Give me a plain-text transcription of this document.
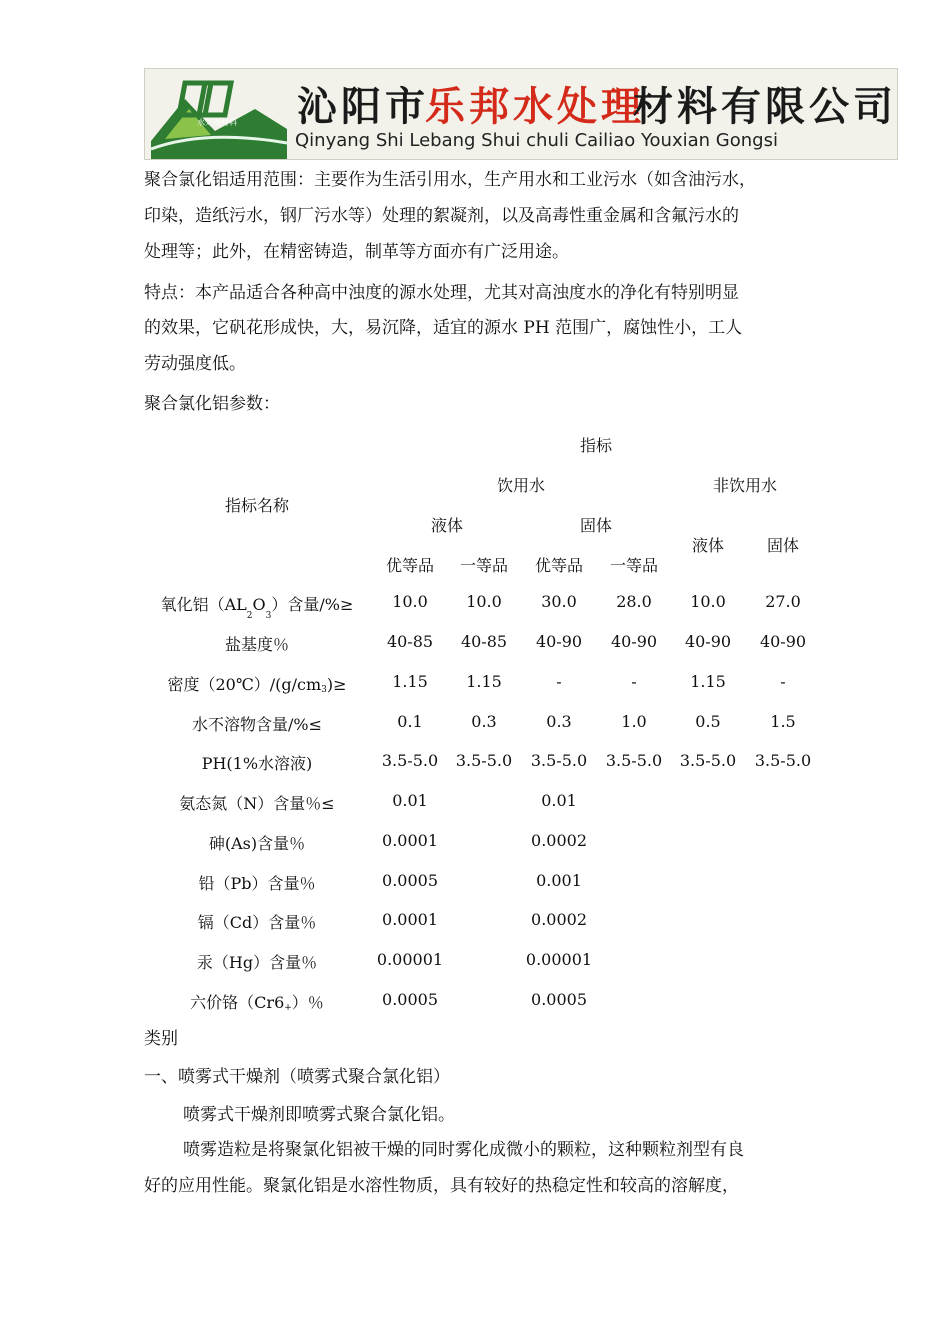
水处理材料 沁阳市
乐邦水处理
材料有限公司
Qinyang Shi Lebang Shui chuli Cailiao Youxian Gongsi
聚合氯化铝适用范围：主要作为生活引用水，生产用水和工业污水（如含油污水，
印染，造纸污水，钢厂污水等）处理的絮凝剂，以及高毒性重金属和含氟污水的
处理等；此外，在精密铸造，制革等方面亦有广泛用途。
特点：本产品适合各种高中浊度的源水处理，尤其对高浊度水的净化有特别明显
的效果，它矾花形成快，大，易沉降，适宜的源水 PH 范围广，腐蚀性小，工人
劳动强度低。
聚合氯化铝参数：
指标
饮用水	非饮用水
指标名称
液体	固体
液体	固体
优等品 一等品 优等品 一等品
氧化铝$(AL_2O_3)$含量/%≥ 10.0 10.0 30.0 28.0 10.0 27.0
盐基度％	40-85 40-85 40-90 40-90 40-90 40-90
密度（20℃）/(g/cm3)≥	1.15 1.15	-	-	1.15	-
水不溶物含量/%≤	0.1	0.3	0.3	1.0	0.5	1.5
PH(1%水溶液)	3.5-5.0 3.5-5.0 3.5-5.0 3.5-5.0 3.5-5.0 3.5-5.0
氨态氮（N）含量％≤	0.01	0.01
砷(As)含量％	0.0001	0.0002
铅（Pb）含量％	0.0005	0.001
镉（Cd）含量％	0.0001	0.0002
汞（Hg）含量％	0.00001	0.00001
六价铬（Cr6+）％	0.0005	0.0005
类别
一、喷雾式干燥剂（喷雾式聚合氯化铝）
喷雾式干燥剂即喷雾式聚合氯化铝。
喷雾造粒是将聚氯化铝被干燥的同时雾化成微小的颗粒，这种颗粒剂型有良
好的应用性能。聚氯化铝是水溶性物质，具有较好的热稳定性和较高的溶解度，
